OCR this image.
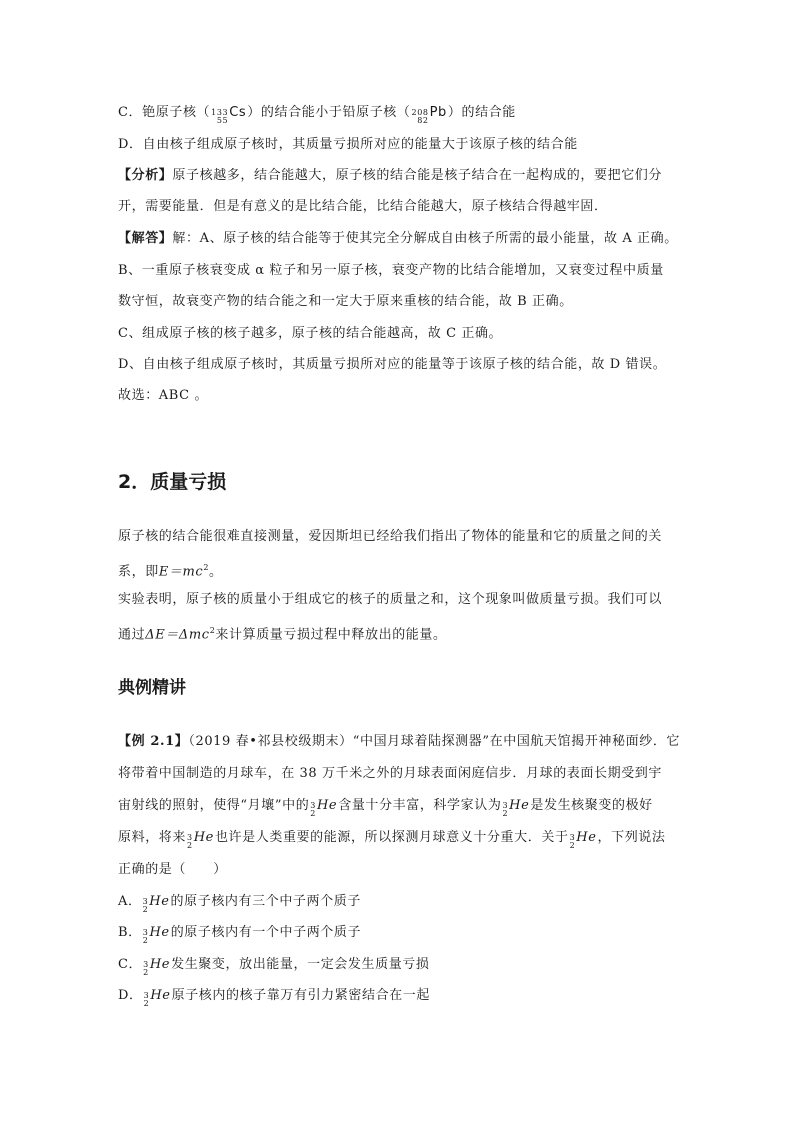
C．铯原子核（ 133
55
Cs）的结合能小于铅原子核（ 208
82
Pb）的结合能
D．自由核子组成原子核时，其质量亏损所对应的能量大于该原子核的结合能
【分析】原子核越多，结合能越大，原子核的结合能是核子结合在一起构成的，要把它们分
开，需要能量．但是有意义的是比结合能，比结合能越大，原子核结合得越牢固．
【解答】解：A、原子核的结合能等于使其完全分解成自由核子所需的最小能量，故 A 正确。
B、一重原子核衰变成 α 粒子和另一原子核，衰变产物的比结合能增加，又衰变过程中质量
数守恒，故衰变产物的结合能之和一定大于原来重核的结合能，故 B 正确。
C、组成原子核的核子越多，原子核的结合能越高，故 C 正确。
D、自由核子组成原子核时，其质量亏损所对应的能量等于该原子核的结合能，故 D 错误。
故选：ABC 。
2．质量亏损
原子核的结合能很难直接测量，爱因斯坦已经给我们指出了物体的能量和它的质量之间的关
系，即$E=mc^2$。
实验表明，原子核的质量小于组成它的核子的质量之和，这个现象叫做质量亏损。我们可以
通过ΔE＝Δmc$^2$来计算质量亏损过程中释放出的能量。
典例精讲
【例 2.1】（2019 春•祁县校级期末）“中国月球着陆探测器”在中国航天馆揭开神秘面纱．它
将带着中国制造的月球车，在 38 万千米之外的月球表面闲庭信步．月球的表面长期受到宇
宙射线的照射，使得“月壤”中的 3
2
He含量十分丰富，科学家认为 3
2
He是发生核聚变的极好
原料，将来 3
2
He也许是人类重要的能源，所以探测月球意义十分重大．关于 3
2
He，下列说法
正确的是（　　）
A． 3
2
He的原子核内有三个中子两个质子
B． 3
2
He的原子核内有一个中子两个质子
C． 3
2
He发生聚变，放出能量，一定会发生质量亏损
D． 3
2
He原子核内的核子靠万有引力紧密结合在一起
